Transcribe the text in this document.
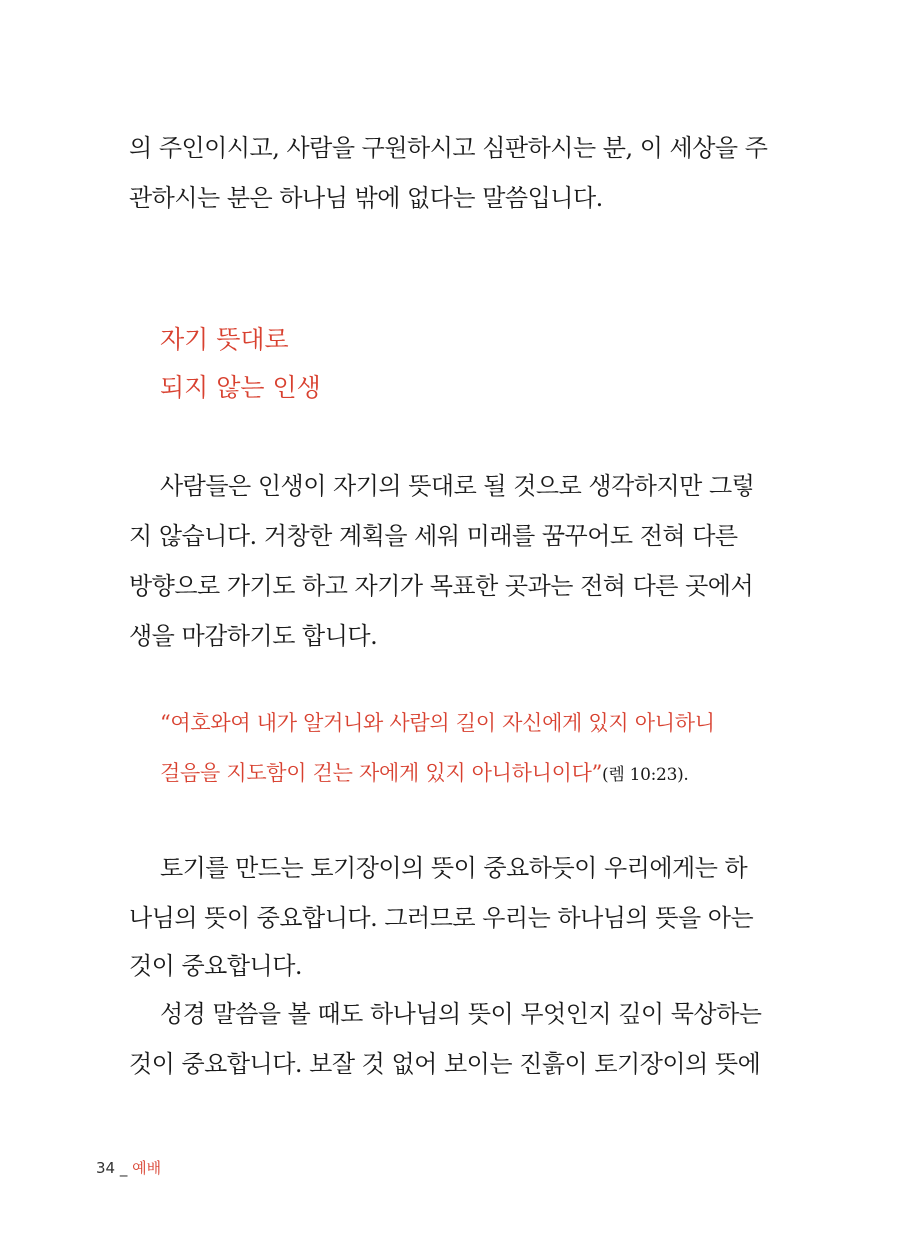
의 주인이시고, 사람을 구원하시고 심판하시는 분, 이 세상을 주
관하시는 분은 하나님 밖에 없다는 말씀입니다.
자기 뜻대로
되지 않는 인생
사람들은 인생이 자기의 뜻대로 될 것으로 생각하지만 그렇
지 않습니다. 거창한 계획을 세워 미래를 꿈꾸어도 전혀 다른
방향으로 가기도 하고 자기가 목표한 곳과는 전혀 다른 곳에서
생을 마감하기도 합니다.
“여호와여 내가 알거니와 사람의 길이 자신에게 있지 아니하니
걸음을 지도함이 걷는 자에게 있지 아니하니이다”(렘 10:23).
토기를 만드는 토기장이의 뜻이 중요하듯이 우리에게는 하
나님의 뜻이 중요합니다. 그러므로 우리는 하나님의 뜻을 아는
것이 중요합니다.
성경 말씀을 볼 때도 하나님의 뜻이 무엇인지 깊이 묵상하는
것이 중요합니다. 보잘 것 없어 보이는 진흙이 토기장이의 뜻에
34 _ 예배
